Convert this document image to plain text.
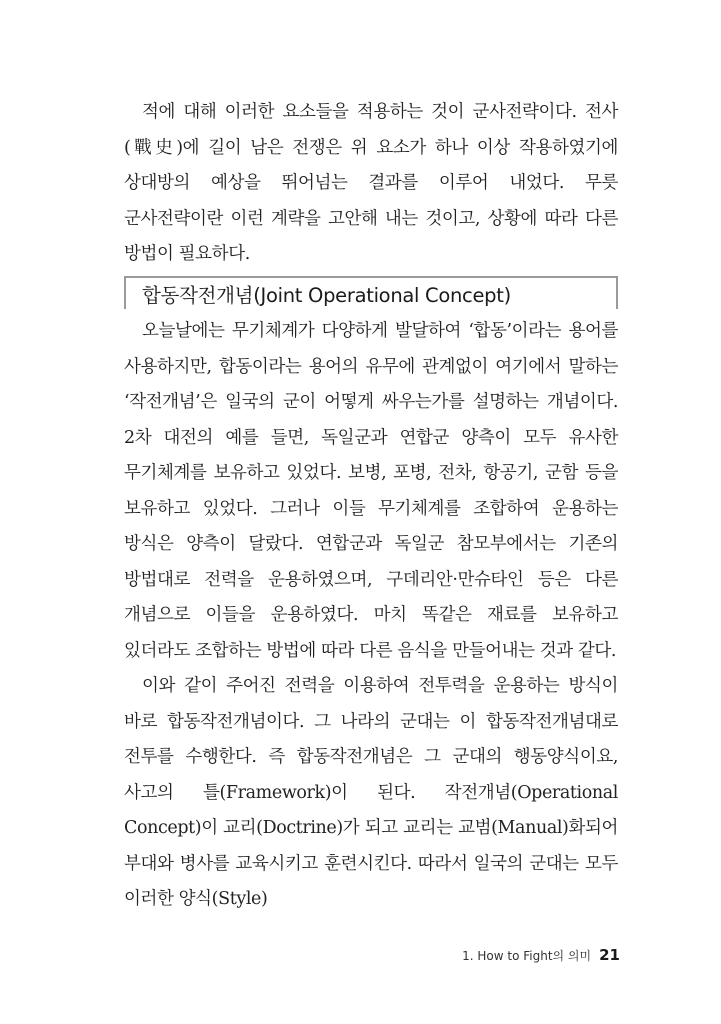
적에 대해 이러한 요소들을 적용하는 것이 군사전략이다. 전사(戰史)에 길이 남은 전쟁은 위 요소가 하나 이상 작용하였기에 상대방의 예상을 뛰어넘는 결과를 이루어 내었다. 무릇 군사전략이란 이런 계략을 고안해 내는 것이고, 상황에 따라 다른 방법이 필요하다.

합동작전개념(Joint Operational Concept)

오늘날에는 무기체계가 다양하게 발달하여 ‘합동’이라는 용어를 사용하지만, 합동이라는 용어의 유무에 관계없이 여기에서 말하는 ‘작전개념’은 일국의 군이 어떻게 싸우는가를 설명하는 개념이다. 2차 대전의 예를 들면, 독일군과 연합군 양측이 모두 유사한 무기체계를 보유하고 있었다. 보병, 포병, 전차, 항공기, 군함 등을 보유하고 있었다. 그러나 이들 무기체계를 조합하여 운용하는 방식은 양측이 달랐다. 연합군과 독일군 참모부에서는 기존의 방법대로 전력을 운용하였으며, 구데리안·만슈타인 등은 다른 개념으로 이들을 운용하였다. 마치 똑같은 재료를 보유하고 있더라도 조합하는 방법에 따라 다른 음식을 만들어내는 것과 같다.

이와 같이 주어진 전력을 이용하여 전투력을 운용하는 방식이 바로 합동작전개념이다. 그 나라의 군대는 이 합동작전개념대로 전투를 수행한다. 즉 합동작전개념은 그 군대의 행동양식이요, 사고의 틀(Framework)이 된다. 작전개념(Operational Concept)이 교리(Doctrine)가 되고 교리는 교범(Manual)화되어 부대와 병사를 교육시키고 훈련시킨다. 따라서 일국의 군대는 모두 이러한 양식(Style)

1. How to Fight의 의미 21
